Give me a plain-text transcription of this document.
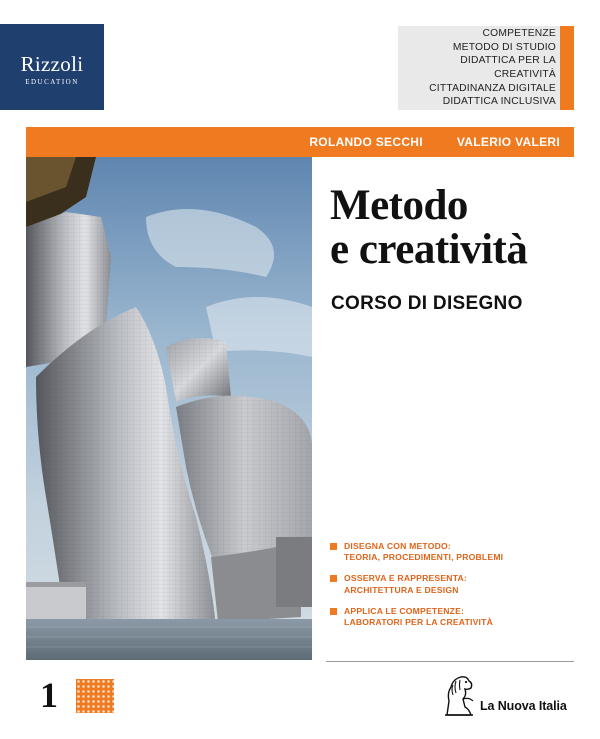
Rizzoli
EDUCATION
COMPETENZE
METODO DI STUDIO
DIDATTICA PER LA CREATIVITÀ
CITTADINANZA DIGITALE
DIDATTICA INCLUSIVA
ROLANDO SECCHI	VALERIO VALERI
Metodo
e creatività
CORSO DI DISEGNO
DISEGNA CON METODO:
TEORIA, PROCEDIMENTI, PROBLEMI
OSSERVA E RAPPRESENTA:
ARCHITETTURA E DESIGN
APPLICA LE COMPETENZE:
LABORATORI PER LA CREATIVITÀ
1	La Nuova Italia
